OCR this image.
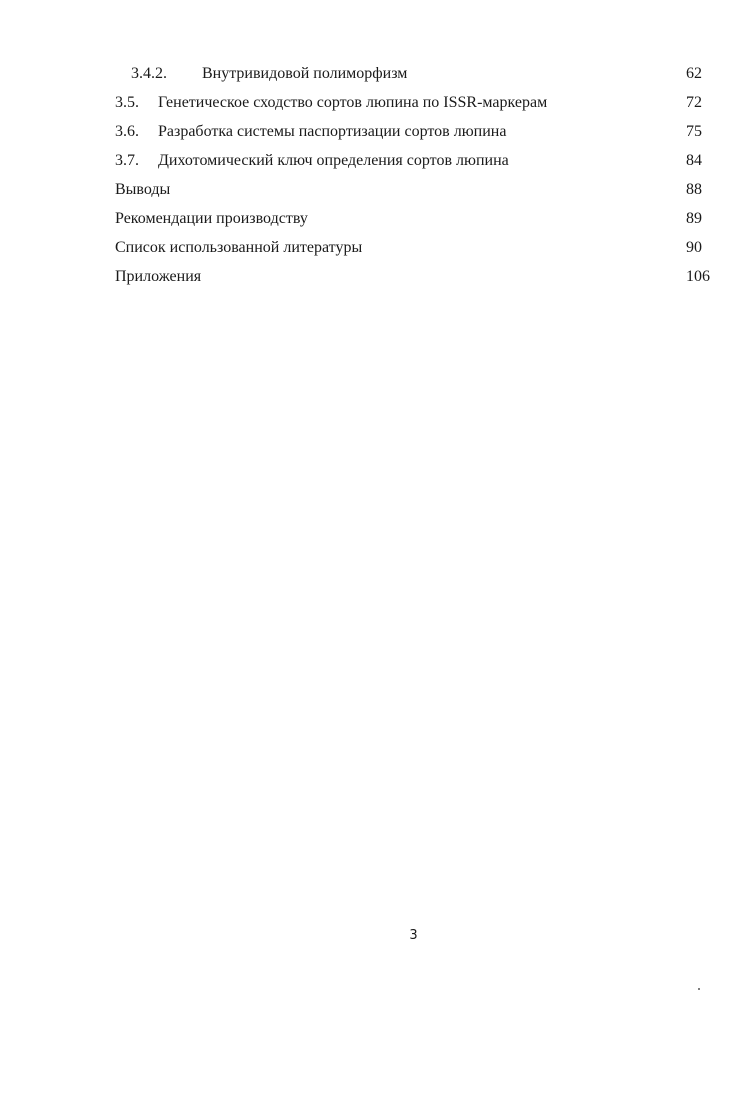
3.4.2. Внутривидовой полиморфизм	62
3.5. Генетическое сходство сортов люпина по ISSR-маркерам	72
3.6. Разработка системы паспортизации сортов люпина	75
3.7. Дихотомический ключ определения сортов люпина	84
Выводы	88
Рекомендации производству	89
Список использованной литературы	90
Приложения	106
3
